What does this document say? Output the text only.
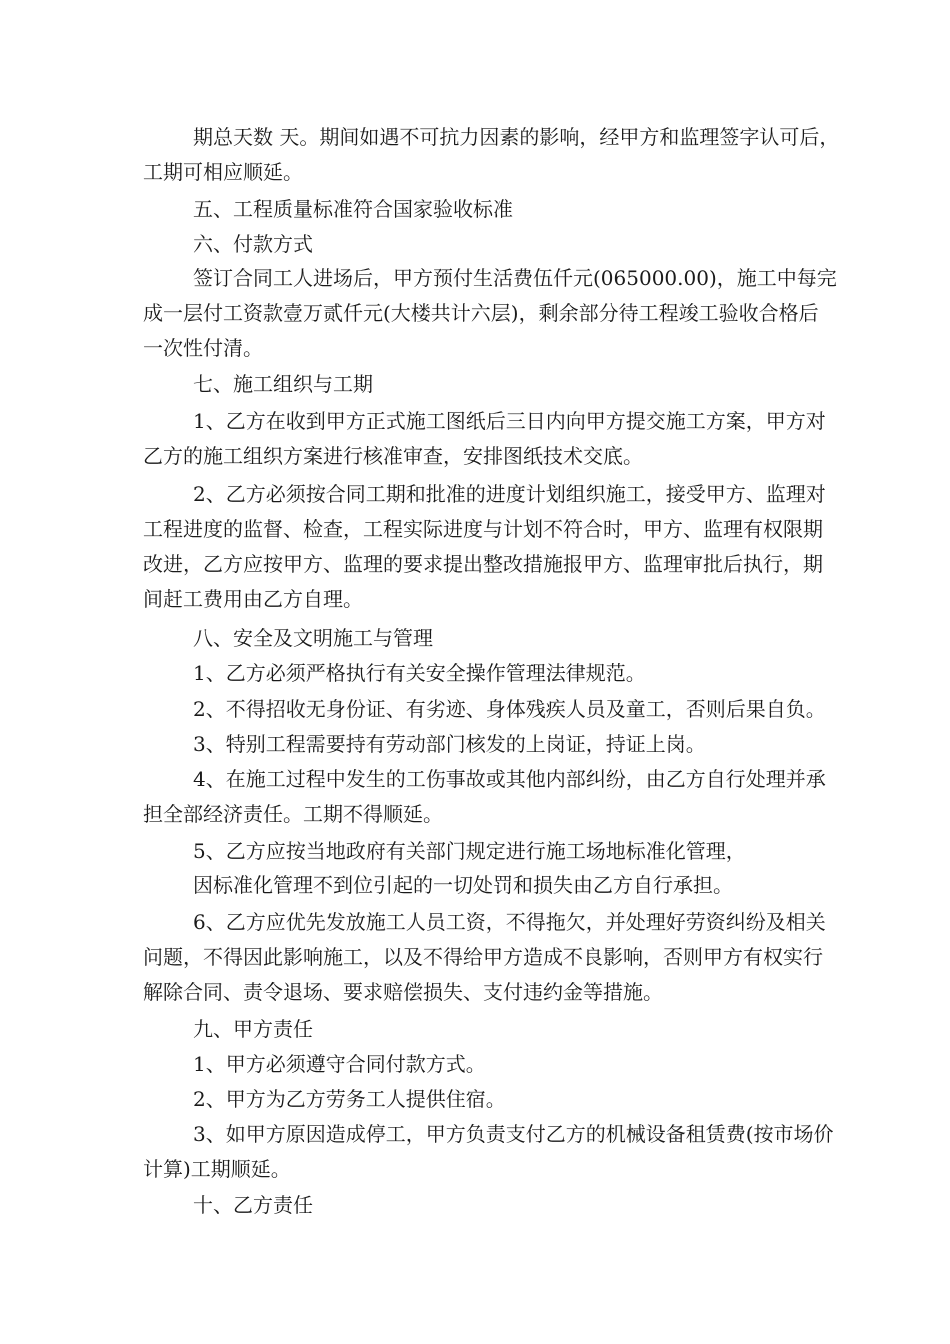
期总天数 天。期间如遇不可抗力因素的影响，经甲方和监理签字认可后，
工期可相应顺延。
五、工程质量标准符合国家验收标准
六、付款方式
签订合同工人进场后，甲方预付生活费伍仟元(065000.00)，施工中每完
成一层付工资款壹万贰仟元(大楼共计六层)，剩余部分待工程竣工验收合格后
一次性付清。
七、施工组织与工期
1、乙方在收到甲方正式施工图纸后三日内向甲方提交施工方案，甲方对
乙方的施工组织方案进行核准审查，安排图纸技术交底。
2、乙方必须按合同工期和批准的进度计划组织施工，接受甲方、监理对
工程进度的监督、检查，工程实际进度与计划不符合时，甲方、监理有权限期
改进，乙方应按甲方、监理的要求提出整改措施报甲方、监理审批后执行，期
间赶工费用由乙方自理。
八、安全及文明施工与管理
1、乙方必须严格执行有关安全操作管理法律规范。
2、不得招收无身份证、有劣迹、身体残疾人员及童工，否则后果自负。
3、特别工程需要持有劳动部门核发的上岗证，持证上岗。
4、在施工过程中发生的工伤事故或其他内部纠纷，由乙方自行处理并承
担全部经济责任。工期不得顺延。
5、乙方应按当地政府有关部门规定进行施工场地标准化管理，
因标准化管理不到位引起的一切处罚和损失由乙方自行承担。
6、乙方应优先发放施工人员工资，不得拖欠，并处理好劳资纠纷及相关
问题，不得因此影响施工，以及不得给甲方造成不良影响，否则甲方有权实行
解除合同、责令退场、要求赔偿损失、支付违约金等措施。
九、甲方责任
1、甲方必须遵守合同付款方式。
2、甲方为乙方劳务工人提供住宿。
3、如甲方原因造成停工，甲方负责支付乙方的机械设备租赁费(按市场价
计算)工期顺延。
十、乙方责任
